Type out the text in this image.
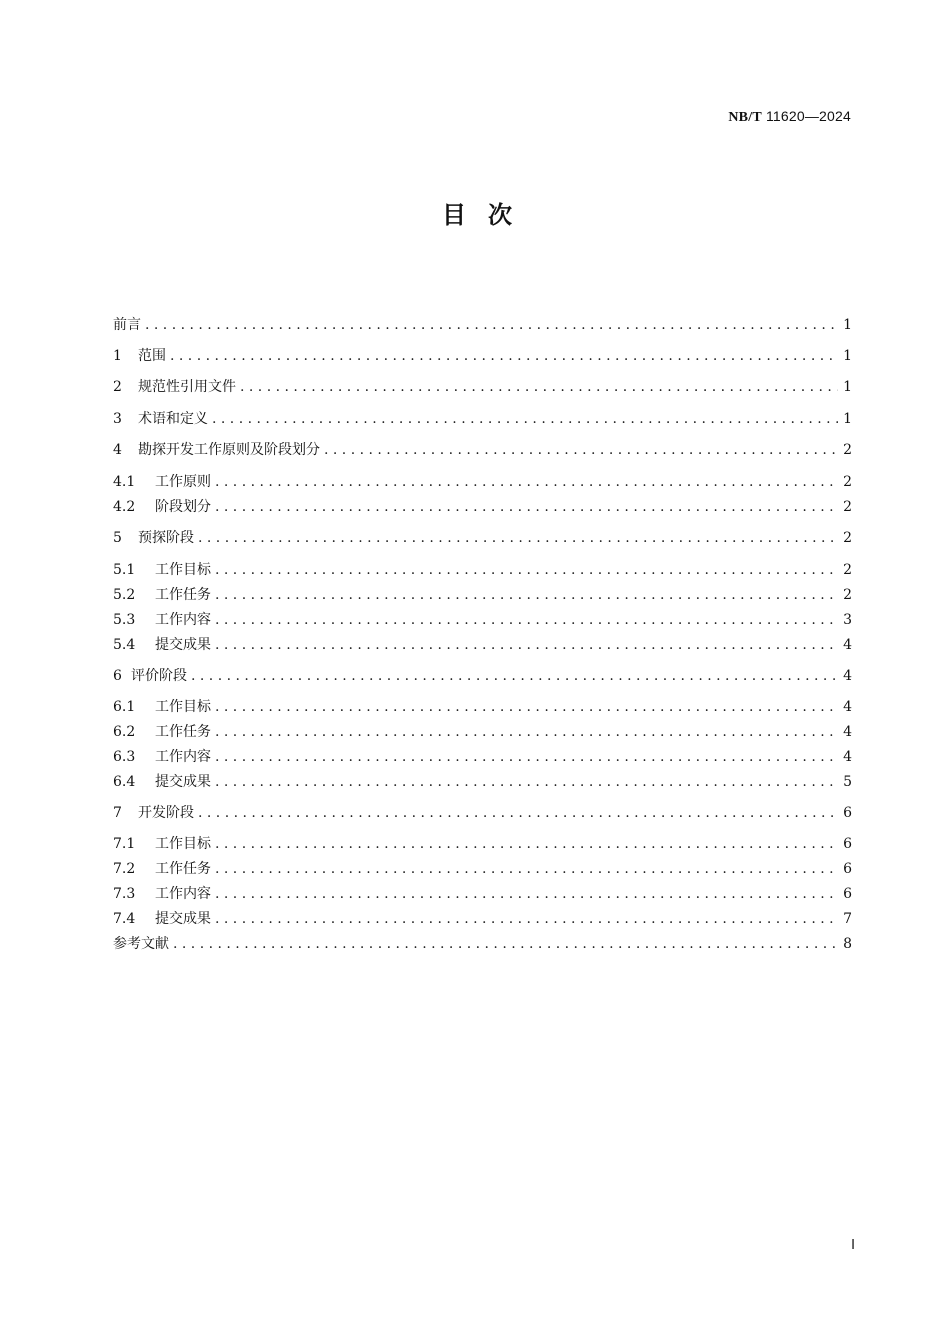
NB/T 11620—2024
目次
前言 . . .	1
1 范围 . . .	1
2 规范性引用文件 . . .	1
3 术语和定义 . . .	1
4 勘探开发工作原则及阶段划分 . . .	2
4.1 工作原则 . . .	2
4.2 阶段划分 . . .	2
5 预探阶段 . . .	2
5.1 工作目标 . . .	2
5.2 工作任务 . . .	2
5.3 工作内容 . . .	3
5.4 提交成果 . . .	4
6 评价阶段 . . .	4
6.1 工作目标 . . .	4
6.2 工作任务 . . .	4
6.3 工作内容 . . .	4
6.4 提交成果 . . .	5
7 开发阶段 . . .	6
7.1 工作目标 . . .	6
7.2 工作任务 . . .	6
7.3 工作内容 . . .	6
7.4 提交成果 . . .	7
参考文献 . . .	8
I
